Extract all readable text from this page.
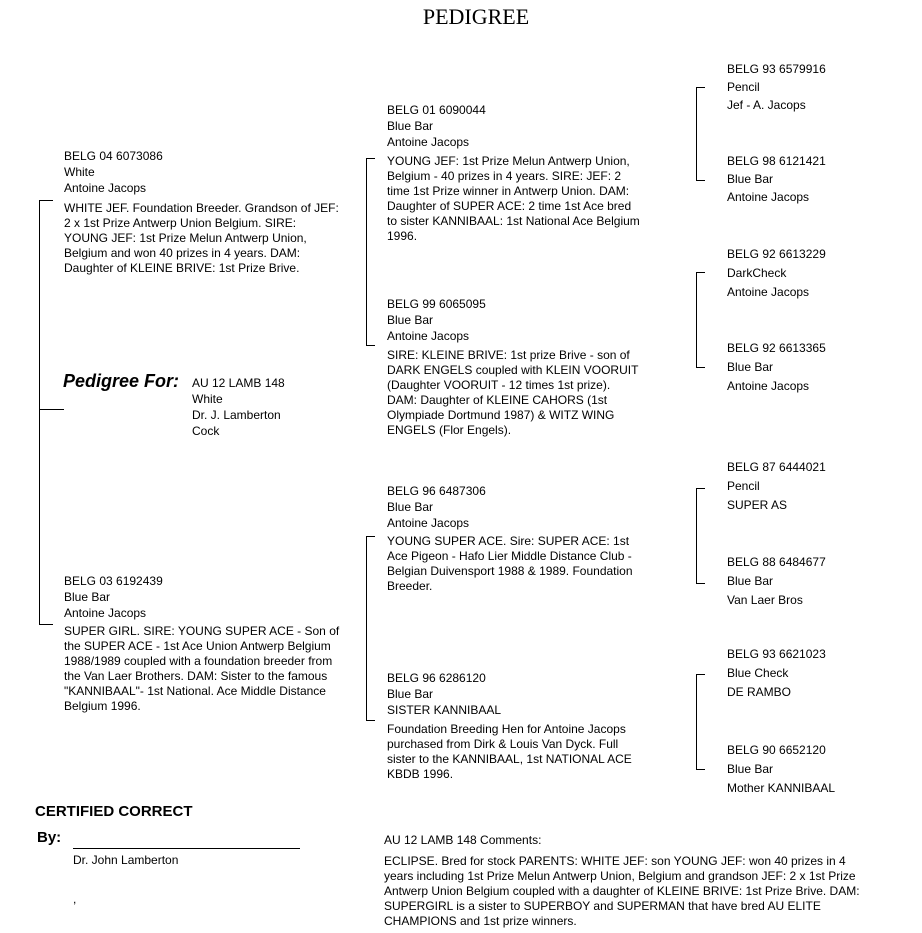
PEDIGREE
BELG 04 6073086
White
Antoine Jacops
WHITE JEF. Foundation Breeder. Grandson of JEF: 2 x 1st Prize Antwerp Union Belgium. SIRE: YOUNG JEF: 1st Prize Melun Antwerp Union, Belgium and won 40 prizes in 4 years. DAM: Daughter of KLEINE BRIVE: 1st Prize Brive.
Pedigree For: AU 12 LAMB 148
White
Dr. J. Lamberton
Cock
BELG 03 6192439
Blue Bar
Antoine Jacops
SUPER GIRL. SIRE: YOUNG SUPER ACE - Son of the SUPER ACE - 1st Ace Union Antwerp Belgium 1988/1989 coupled with a foundation breeder from the Van Laer Brothers. DAM: Sister to the famous "KANNIBAAL"- 1st National. Ace Middle Distance Belgium 1996.
BELG 01 6090044
Blue Bar
Antoine Jacops
YOUNG JEF: 1st Prize Melun Antwerp Union, Belgium - 40 prizes in 4 years. SIRE: JEF: 2 time 1st Prize winner in Antwerp Union. DAM: Daughter of SUPER ACE: 2 time 1st Ace bred to sister KANNIBAAL: 1st National Ace Belgium 1996.
BELG 99 6065095
Blue Bar
Antoine Jacops
SIRE: KLEINE BRIVE: 1st prize Brive - son of DARK ENGELS coupled with KLEIN VOORUIT (Daughter VOORUIT - 12 times 1st prize). DAM: Daughter of KLEINE CAHORS (1st Olympiade Dortmund 1987) & WITZ WING ENGELS (Flor Engels).
BELG 96 6487306
Blue Bar
Antoine Jacops
YOUNG SUPER ACE. Sire: SUPER ACE: 1st Ace Pigeon - Hafo Lier Middle Distance Club - Belgian Duivensport 1988 & 1989. Foundation Breeder.
BELG 96 6286120
Blue Bar
SISTER KANNIBAAL
Foundation Breeding Hen for Antoine Jacops purchased from Dirk & Louis Van Dyck. Full sister to the KANNIBAAL, 1st NATIONAL ACE KBDB 1996.
BELG 93 6579916
Pencil
Jef - A. Jacops
BELG 98 6121421
Blue Bar
Antoine Jacops
BELG 92 6613229
DarkCheck
Antoine Jacops
BELG 92 6613365
Blue Bar
Antoine Jacops
BELG 87 6444021
Pencil
SUPER AS
BELG 88 6484677
Blue Bar
Van Laer Bros
BELG 93 6621023
Blue Check
DE RAMBO
BELG 90 6652120
Blue Bar
Mother KANNIBAAL
CERTIFIED CORRECT
By:
Dr. John Lamberton
,
AU 12 LAMB 148 Comments:
ECLIPSE. Bred for stock PARENTS: WHITE JEF: son YOUNG JEF: won 40 prizes in 4 years including 1st Prize Melun Antwerp Union, Belgium and grandson JEF: 2 x 1st Prize Antwerp Union Belgium coupled with a daughter of KLEINE BRIVE: 1st Prize Brive. DAM: SUPERGIRL is a sister to SUPERBOY and SUPERMAN that have bred AU ELITE CHAMPIONS and 1st prize winners.
